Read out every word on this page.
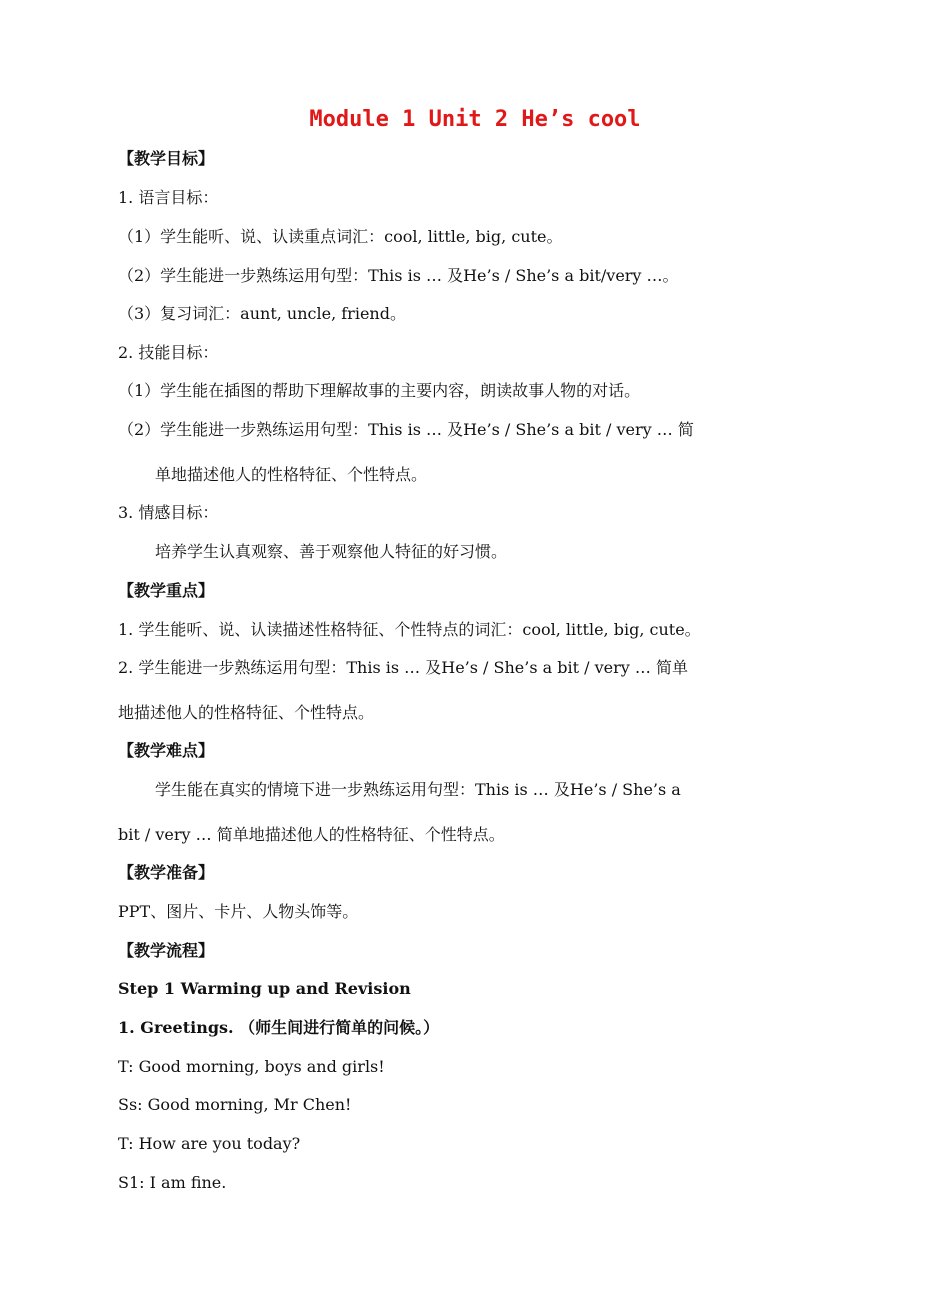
Module 1 Unit 2 He’s cool
【教学目标】
1. 语言目标：
（1）学生能听、说、认读重点词汇：cool, little, big, cute。
（2）学生能进一步熟练运用句型：This is … 及He’s / She’s a bit/very …。
（3）复习词汇：aunt, uncle, friend。
2. 技能目标：
（1）学生能在插图的帮助下理解故事的主要内容，朗读故事人物的对话。
（2）学生能进一步熟练运用句型：This is … 及He’s / She’s a bit / very … 简
单地描述他人的性格特征、个性特点。
3. 情感目标：
培养学生认真观察、善于观察他人特征的好习惯。
【教学重点】
1. 学生能听、说、认读描述性格特征、个性特点的词汇：cool, little, big, cute。
2. 学生能进一步熟练运用句型：This is … 及He’s / She’s a bit / very … 简单
地描述他人的性格特征、个性特点。
【教学难点】
学生能在真实的情境下进一步熟练运用句型：This is … 及He’s / She’s a
bit / very … 简单地描述他人的性格特征、个性特点。
【教学准备】
PPT、图片、卡片、人物头饰等。
【教学流程】
Step 1 Warming up and Revision
1. Greetings. （师生间进行简单的问候。）
T: Good morning, boys and girls!
Ss: Good morning, Mr Chen!
T: How are you today?
S1: I am fine.
